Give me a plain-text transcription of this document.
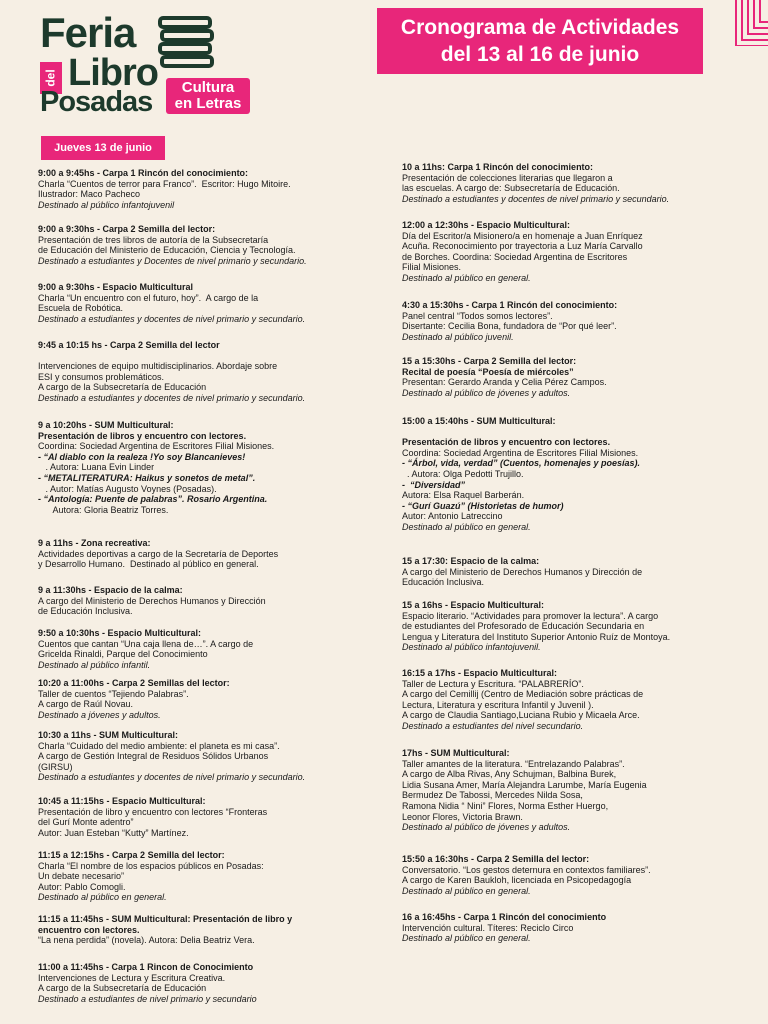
Feria
del Libro
Posadas	Cultura
en Letras
Cronograma de Actividades
del 13 al 16 de junio
Jueves 13 de junio
9:00 a 9:45hs - Carpa 1 Rincón del conocimiento:
Charla “Cuentos de terror para Franco”.  Escritor: Hugo Mitoire.
Ilustrador: Maco Pacheco
Destinado al público infantojuvenil
9:00 a 9:30hs - Carpa 2 Semilla del lector:
Presentación de tres libros de autoría de la Subsecretaría
de Educación del Ministerio de Educación, Ciencia y Tecnología.
Destinado a estudiantes y Docentes de nivel primario y secundario.
9:00 a 9:30hs - Espacio Multicultural
Charla “Un encuentro con el futuro, hoy”.  A cargo de la
Escuela de Robótica.
Destinado a estudiantes y docentes de nivel primario y secundario.
9:45 a 10:15 hs - Carpa 2 Semilla del lector

Intervenciones de equipo multidisciplinarios. Abordaje sobre
ESI y consumos problemáticos.
A cargo de la Subsecretaría de Educación
Destinado a estudiantes y docentes de nivel primario y secundario.
9 a 10:20hs - SUM Multicultural:
Presentación de libros y encuentro con lectores.
Coordina: Sociedad Argentina de Escritores Filial Misiones.
- “Al diablo con la realeza !Yo soy Blancanieves!
. Autora: Luana Evin Linder
- “METALITERATURA: Haikus y sonetos de metal”.
. Autor: Matías Augusto Voynes (Posadas).
- “Antología: Puente de palabras”. Rosario Argentina.
Autora: Gloria Beatriz Torres.
9 a 11hs - Zona recreativa:
Actividades deportivas a cargo de la Secretaría de Deportes
y Desarrollo Humano.  Destinado al público en general.
9 a 11:30hs - Espacio de la calma:
A cargo del Ministerio de Derechos Humanos y Dirección
de Educación Inclusiva.
9:50 a 10:30hs - Espacio Multicultural:
Cuentos que cantan “Una caja llena de…”. A cargo de
Gricelda Rinaldi, Parque del Conocimiento
Destinado al público infantil.
10:20 a 11:00hs - Carpa 2 Semillas del lector:
Taller de cuentos “Tejiendo Palabras”.
A cargo de Raúl Novau.
Destinado a jóvenes y adultos.
10:30 a 11hs - SUM Multicultural:
Charla “Cuidado del medio ambiente: el planeta es mi casa”.
A cargo de Gestión Integral de Residuos Sólidos Urbanos
(GIRSU)
Destinado a estudiantes y docentes de nivel primario y secundario.
10:45 a 11:15hs - Espacio Multicultural:
Presentación de libro y encuentro con lectores “Fronteras
del Gurí Monte adentro”
Autor: Juan Esteban “Kutty” Martínez.
11:15 a 12:15hs - Carpa 2 Semilla del lector:
Charla “El nombre de los espacios públicos en Posadas:
Un debate necesario”
Autor: Pablo Comogli.
Destinado al público en general.
11:15 a 11:45hs - SUM Multicultural: Presentación de libro y
encuentro con lectores.
“La nena perdida” (novela). Autora: Delia Beatriz Vera.
11:00 a 11:45hs - Carpa 1 Rincon de Conocimiento
Intervenciones de Lectura y Escritura Creativa.
A cargo de la Subsecretaría de Educación
Destinado a estudiantes de nivel primario y secundario
10 a 11hs: Carpa 1 Rincón del conocimiento:
Presentación de colecciones literarias que llegaron a
las escuelas. A cargo de: Subsecretaría de Educación.
Destinado a estudiantes y docentes de nivel primario y secundario.
12:00 a 12:30hs - Espacio Multicultural:
Día del Escritor/a Misionero/a en homenaje a Juan Enríquez
Acuña. Reconocimiento por trayectoria a Luz María Carvallo
de Borches. Coordina: Sociedad Argentina de Escritores
Filial Misiones.
Destinado al público en general.
4:30 a 15:30hs - Carpa 1 Rincón del conocimiento:
Panel central “Todos somos lectores”.
Disertante: Cecilia Bona, fundadora de “Por qué leer”.
Destinado al público juvenil.
15 a 15:30hs - Carpa 2 Semilla del lector:
Recital de poesía “Poesía de miércoles”
Presentan: Gerardo Aranda y Celia Pérez Campos.
Destinado al público de jóvenes y adultos.
15:00 a 15:40hs - SUM Multicultural:

Presentación de libros y encuentro con lectores.
Coordina: Sociedad Argentina de Escritores Filial Misiones.
- “Árbol, vida, verdad” (Cuentos, homenajes y poesías).
. Autora: Olga Pedotti Trujillo.
-  “Diversidad”
Autora: Elsa Raquel Barberán.
- “Gurí Guazú” (Historietas de humor)
Autor: Antonio Latreccino
Destinado al público en general.
15 a 17:30: Espacio de la calma:
A cargo del Ministerio de Derechos Humanos y Dirección de
Educación Inclusiva.
15 a 16hs - Espacio Multicultural:
Espacio literario. “Actividades para promover la lectura”. A cargo
de estudiantes del Profesorado de Educación Secundaria en
Lengua y Literatura del Instituto Superior Antonio Ruíz de Montoya.
Destinado al público infantojuvenil.
16:15 a 17hs - Espacio Multicultural:
Taller de Lectura y Escritura. “PALABRERÍO”.
A cargo del Cemillij (Centro de Mediación sobre prácticas de
Lectura, Literatura y escritura Infantil y Juvenil ).
A cargo de Claudia Santiago,Luciana Rubio y Micaela Arce.
Destinado a estudiantes del nivel secundario.
17hs - SUM Multicultural:
Taller amantes de la literatura. “Entrelazando Palabras”.
A cargo de Alba Rivas, Any Schujman, Balbina Burek,
Lidia Susana Amer, María Alejandra Larumbe, María Eugenia
Bermudez De Tabossi, Mercedes Nilda Sosa,
Ramona Nidia “ Nini” Flores, Norma Esther Huergo,
Leonor Flores, Victoria Brawn.
Destinado al público de jóvenes y adultos.
15:50 a 16:30hs - Carpa 2 Semilla del lector:
Conversatorio. “Los gestos deternura en contextos familiares”.
A cargo de Karen Baukloh, licenciada en Psicopedagogía
Destinado al público en general.
16 a 16:45hs - Carpa 1 Rincón del conocimiento
Intervención cultural. Títeres: Reciclo Circo
Destinado al público en general.
